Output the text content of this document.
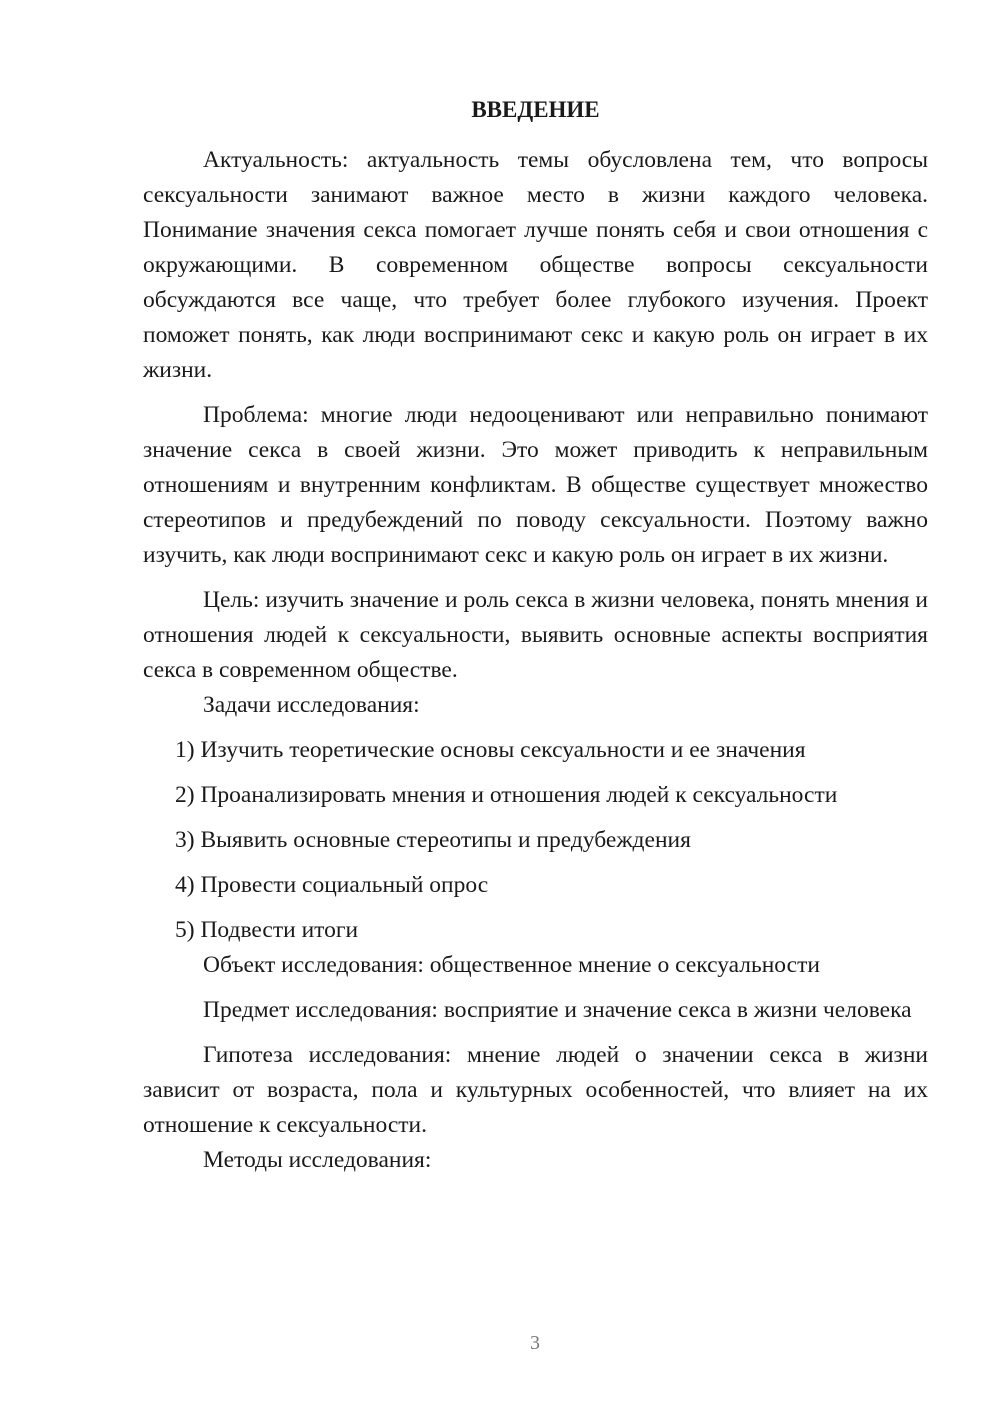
ВВЕДЕНИЕ

Актуальность: актуальность темы обусловлена тем, что вопросы сексуальности занимают важное место в жизни каждого человека. Понимание значения секса помогает лучше понять себя и свои отношения с окружающими. В современном обществе вопросы сексуальности обсуждаются все чаще, что требует более глубокого изучения. Проект поможет понять, как люди воспринимают секс и какую роль он играет в их жизни.

Проблема: многие люди недооценивают или неправильно понимают значение секса в своей жизни. Это может приводить к неправильным отношениям и внутренним конфликтам. В обществе существует множество стереотипов и предубеждений по поводу сексуальности. Поэтому важно изучить, как люди воспринимают секс и какую роль он играет в их жизни.

Цель: изучить значение и роль секса в жизни человека, понять мнения и отношения людей к сексуальности, выявить основные аспекты восприятия секса в современном обществе.

Задачи исследования:

1) Изучить теоретические основы сексуальности и ее значения
2) Проанализировать мнения и отношения людей к сексуальности
3) Выявить основные стереотипы и предубеждения
4) Провести социальный опрос
5) Подвести итоги

Объект исследования: общественное мнение о сексуальности

Предмет исследования: восприятие и значение секса в жизни человека

Гипотеза исследования: мнение людей о значении секса в жизни зависит от возраста, пола и культурных особенностей, что влияет на их отношение к сексуальности.

Методы исследования:

3
